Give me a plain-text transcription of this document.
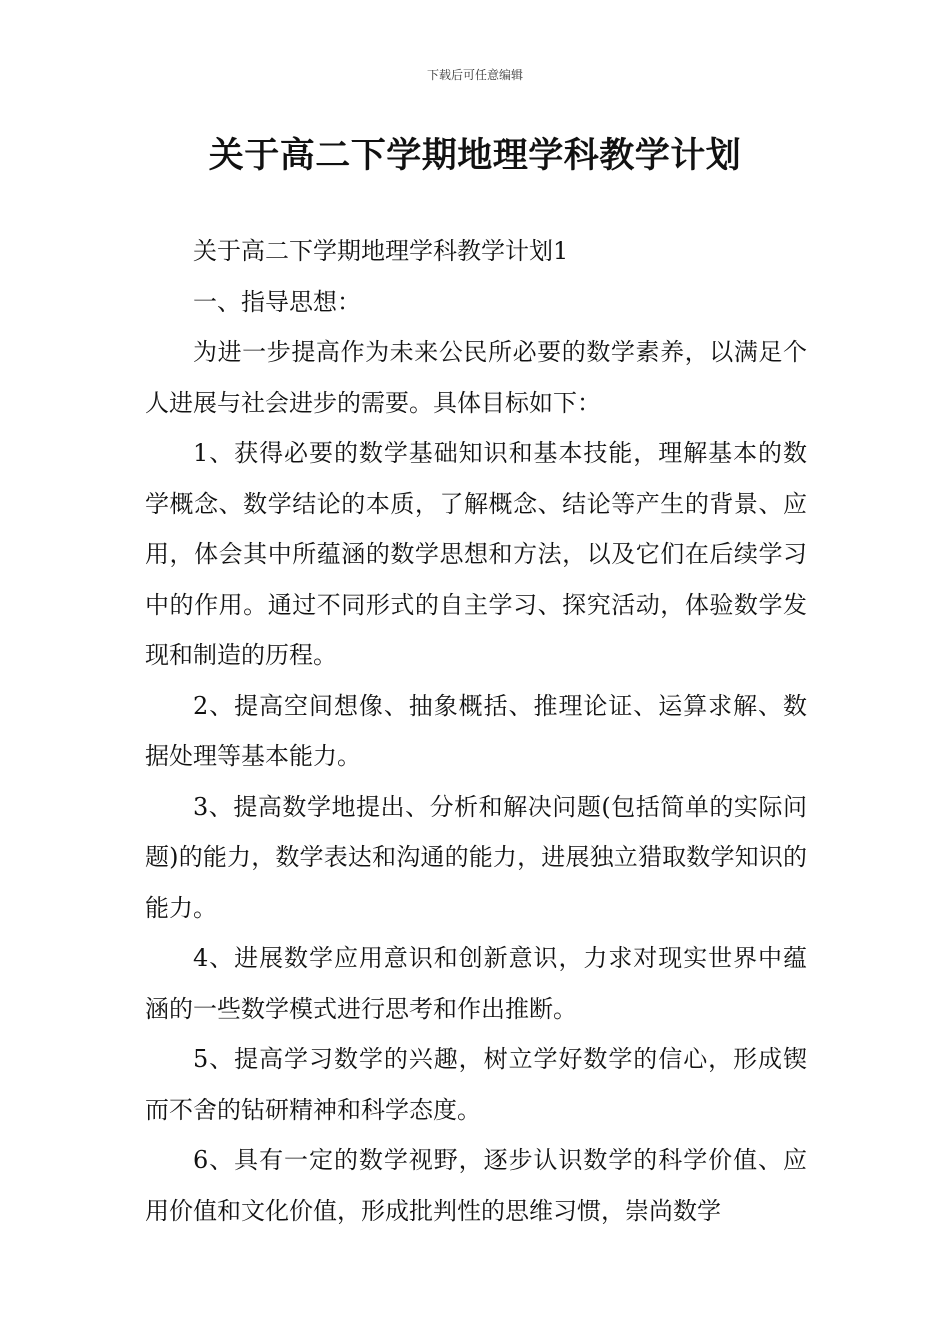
下载后可任意编辑
关于高二下学期地理学科教学计划

关于高二下学期地理学科教学计划1

一、指导思想：

为进一步提高作为未来公民所必要的数学素养，以满足个人进展与社会进步的需要。具体目标如下：

1、获得必要的数学基础知识和基本技能，理解基本的数学概念、数学结论的本质，了解概念、结论等产生的背景、应用，体会其中所蕴涵的数学思想和方法，以及它们在后续学习中的作用。通过不同形式的自主学习、探究活动，体验数学发现和制造的历程。

2、提高空间想像、抽象概括、推理论证、运算求解、数据处理等基本能力。

3、提高数学地提出、分析和解决问题(包括简单的实际问题)的能力，数学表达和沟通的能力，进展独立猎取数学知识的能力。

4、进展数学应用意识和创新意识，力求对现实世界中蕴涵的一些数学模式进行思考和作出推断。

5、提高学习数学的兴趣，树立学好数学的信心，形成锲而不舍的钻研精神和科学态度。

6、具有一定的数学视野，逐步认识数学的科学价值、应用价值和文化价值，形成批判性的思维习惯，崇尚数学
